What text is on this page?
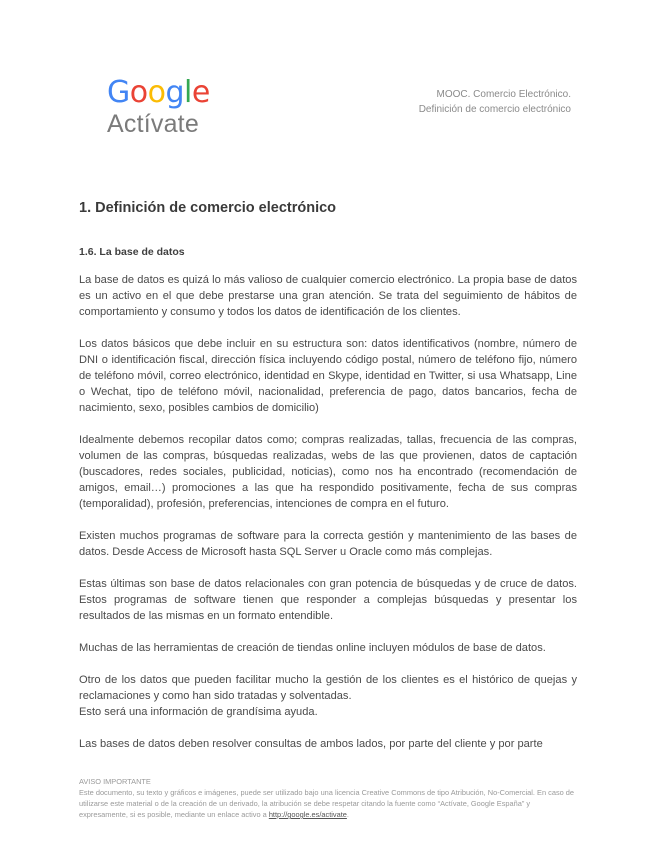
Google
Actívate
MOOC. Comercio Electrónico.
Definición de comercio electrónico
1. Definición de comercio electrónico
1.6. La base de datos

La base de datos es quizá lo más valioso de cualquier comercio electrónico. La propia base de datos es un activo en el que debe prestarse una gran atención. Se trata del seguimiento de hábitos de comportamiento y consumo y todos los datos de identificación de los clientes.

Los datos básicos que debe incluir en su estructura son: datos identificativos (nombre, número de DNI o identificación fiscal, dirección física incluyendo código postal, número de teléfono fijo, número de teléfono móvil, correo electrónico, identidad en Skype, identidad en Twitter, si usa Whatsapp, Line o Wechat, tipo de teléfono móvil, nacionalidad, preferencia de pago, datos bancarios, fecha de nacimiento, sexo, posibles cambios de domicilio)

Idealmente debemos recopilar datos como; compras realizadas, tallas, frecuencia de las compras, volumen de las compras, búsquedas realizadas, webs de las que provienen, datos de captación (buscadores, redes sociales, publicidad, noticias), como nos ha encontrado (recomendación de amigos, email…) promociones a las que ha respondido positivamente, fecha de sus compras (temporalidad), profesión, preferencias, intenciones de compra en el futuro.

Existen muchos programas de software para la correcta gestión y mantenimiento de las bases de datos. Desde Access de Microsoft hasta SQL Server u Oracle como más complejas.

Estas últimas son base de datos relacionales con gran potencia de búsquedas y de cruce de datos. Estos programas de software tienen que responder a complejas búsquedas y presentar los resultados de las mismas en un formato entendible.

Muchas de las herramientas de creación de tiendas online incluyen módulos de base de datos.

Otro de los datos que pueden facilitar mucho la gestión de los clientes es el histórico de quejas y reclamaciones y como han sido tratadas y solventadas.

Esto será una información de grandísima ayuda.

Las bases de datos deben resolver consultas de ambos lados, por parte del cliente y por parte

AVISO IMPORTANTE
Este documento, su texto y gráficos e imágenes, puede ser utilizado bajo una licencia Creative Commons de tipo Atribución, No-Comercial. En caso de utilizarse este material o de la creación de un derivado, la atribución se debe respetar citando la fuente como “Actívate, Google España” y expresamente, si es posible, mediante un enlace activo a http://google.es/activate.
